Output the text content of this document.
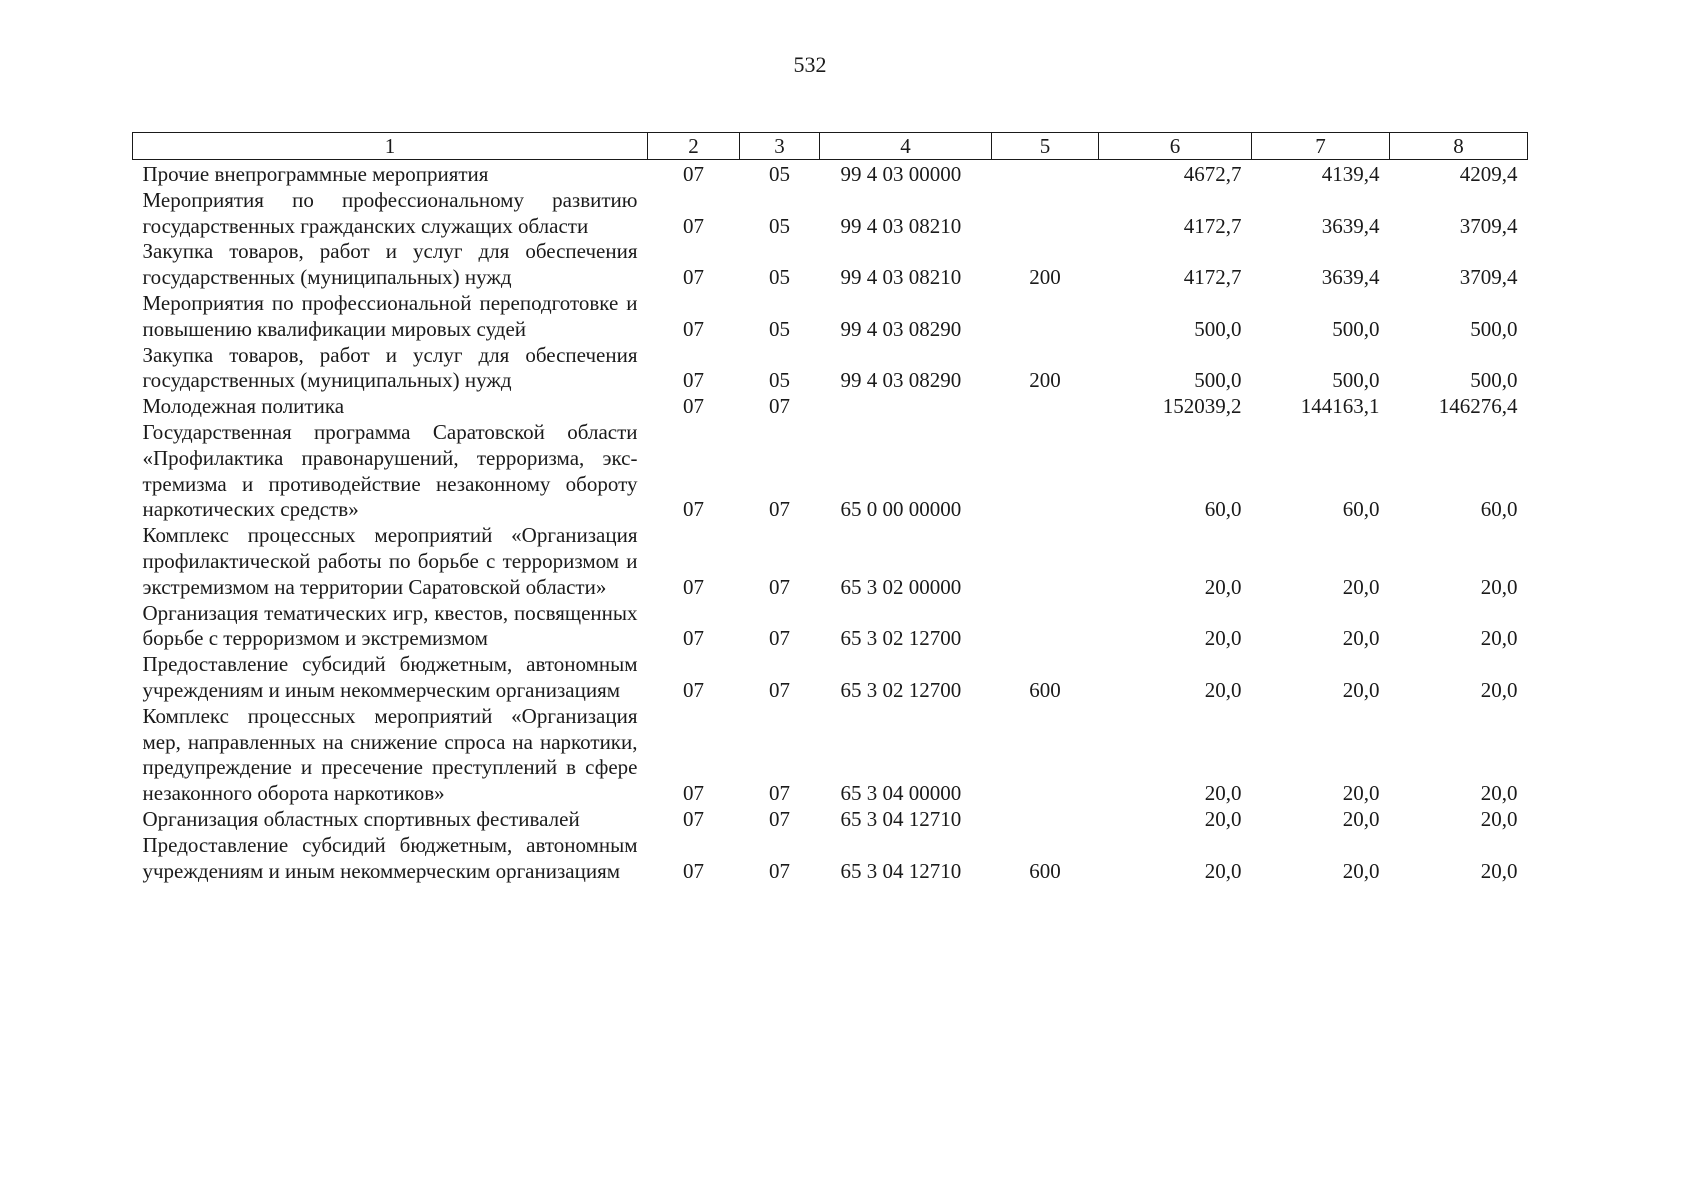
532
1	2	3	4	5	6	7	8
Прочие внепрограммные мероприятия	07	05	99 4 03 00000		4672,7	4139,4	4209,4
Мероприятия по профессиональному развитию государственных гражданских служащих области	07	05	99 4 03 08210		4172,7	3639,4	3709,4
Закупка товаров, работ и услуг для обеспечения государственных (муниципальных) нужд	07	05	99 4 03 08210	200	4172,7	3639,4	3709,4
Мероприятия по профессиональной переподготовке и повышению квалификации мировых судей	07	05	99 4 03 08290		500,0	500,0	500,0
Закупка товаров, работ и услуг для обеспечения государственных (муниципальных) нужд	07	05	99 4 03 08290	200	500,0	500,0	500,0
Молодежная политика	07	07			152039,2	144163,1	146276,4
Государственная программа Саратовской области «Профилактика правонарушений, терроризма, экстремизма и противодействие незаконному обороту наркотических средств»	07	07	65 0 00 00000		60,0	60,0	60,0
Комплекс процессных мероприятий «Организация профилактической работы по борьбе с терроризмом и экстремизмом на территории Саратовской области»	07	07	65 3 02 00000		20,0	20,0	20,0
Организация тематических игр, квестов, посвященных борьбе с терроризмом и экстремизмом	07	07	65 3 02 12700		20,0	20,0	20,0
Предоставление субсидий бюджетным, автономным учреждениям и иным некоммерческим организациям	07	07	65 3 02 12700	600	20,0	20,0	20,0
Комплекс процессных мероприятий «Организация мер, направленных на снижение спроса на наркотики, предупреждение и пресечение преступлений в сфере незаконного оборота наркотиков»	07	07	65 3 04 00000		20,0	20,0	20,0
Организация областных спортивных фестивалей	07	07	65 3 04 12710		20,0	20,0	20,0
Предоставление субсидий бюджетным, автономным учреждениям и иным некоммерческим организациям	07	07	65 3 04 12710	600	20,0	20,0	20,0
